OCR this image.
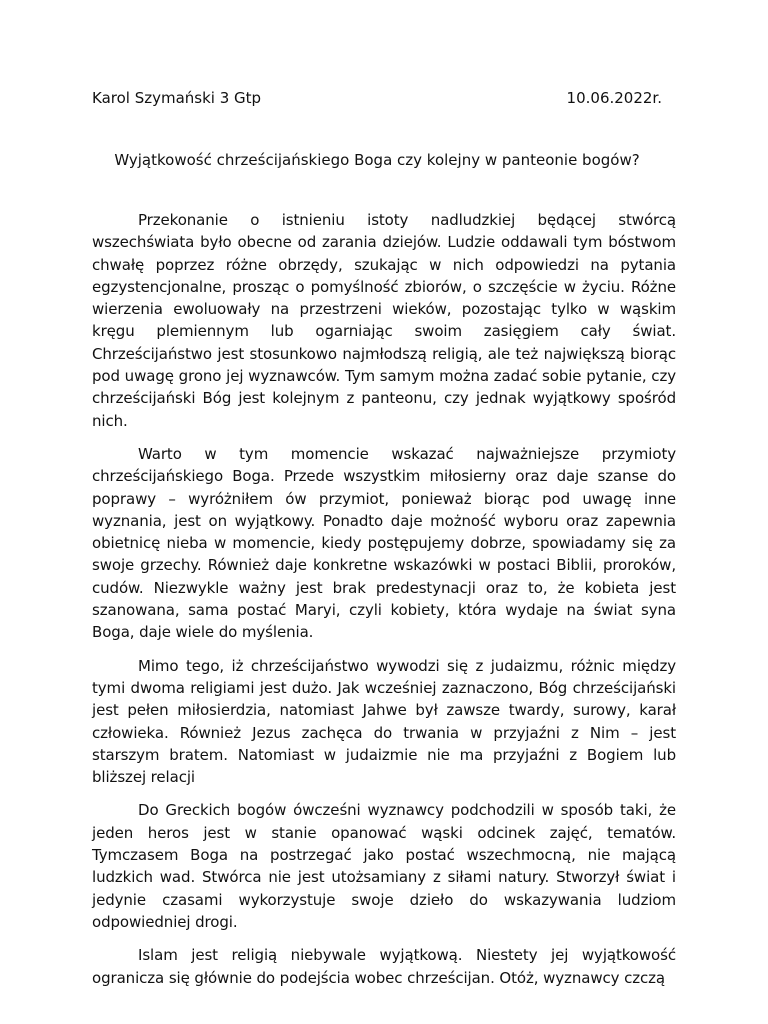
Karol Szymański 3 Gtp	10.06.2022r.
Wyjątkowość chrześcijańskiego Boga czy kolejny w panteonie bogów?

Przekonanie o istnieniu istoty nadludzkiej będącej stwórcą wszechświata było obecne od zarania dziejów. Ludzie oddawali tym bóstwom chwałę poprzez różne obrzędy, szukając w nich odpowiedzi na pytania egzystencjonalne, prosząc o pomyślność zbiorów, o szczęście w życiu. Różne wierzenia ewoluowały na przestrzeni wieków, pozostając tylko w wąskim kręgu plemiennym lub ogarniając swoim zasięgiem cały świat. Chrześcijaństwo jest stosunkowo najmłodszą religią, ale też największą biorąc pod uwagę grono jej wyznawców. Tym samym można zadać sobie pytanie, czy chrześcijański Bóg jest kolejnym z panteonu, czy jednak wyjątkowy spośród nich.

Warto w tym momencie wskazać najważniejsze przymioty chrześcijańskiego Boga. Przede wszystkim miłosierny oraz daje szanse do poprawy – wyróżniłem ów przymiot, ponieważ biorąc pod uwagę inne wyznania, jest on wyjątkowy. Ponadto daje możność wyboru oraz zapewnia obietnicę nieba w momencie, kiedy postępujemy dobrze, spowiadamy się za swoje grzechy. Również daje konkretne wskazówki w postaci Biblii, proroków, cudów. Niezwykle ważny jest brak predestynacji oraz to, że kobieta jest szanowana, sama postać Maryi, czyli kobiety, która wydaje na świat syna Boga, daje wiele do myślenia.

Mimo tego, iż chrześcijaństwo wywodzi się z judaizmu, różnic między tymi dwoma religiami jest dużo. Jak wcześniej zaznaczono, Bóg chrześcijański jest pełen miłosierdzia, natomiast Jahwe był zawsze twardy, surowy, karał człowieka. Również Jezus zachęca do trwania w przyjaźni z Nim – jest starszym bratem. Natomiast w judaizmie nie ma przyjaźni z Bogiem lub bliższej relacji

Do Greckich bogów ówcześni wyznawcy podchodzili w sposób taki, że jeden heros jest w stanie opanować wąski odcinek zajęć, tematów. Tymczasem Boga na postrzegać jako postać wszechmocną, nie mającą ludzkich wad. Stwórca nie jest utożsamiany z siłami natury. Stworzył świat i jedynie czasami wykorzystuje swoje dzieło do wskazywania ludziom odpowiedniej drogi.

Islam jest religią niebywale wyjątkową. Niestety jej wyjątkowość ogranicza się głównie do podejścia wobec chrześcijan. Otóż, wyznawcy czczą
